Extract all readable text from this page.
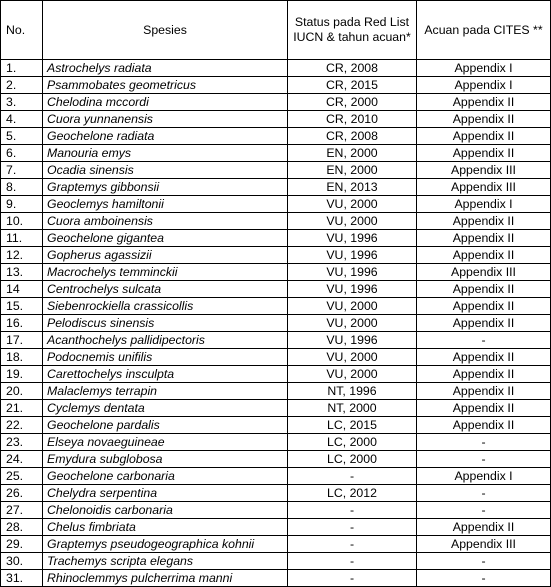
No.	Spesies	Status pada Red List IUCN & tahun acuan*	Acuan pada CITES **
1.	Astrochelys radiata	CR, 2008	Appendix I
2.	Psammobates geometricus	CR, 2015	Appendix I
3.	Chelodina mccordi	CR, 2000	Appendix II
4.	Cuora yunnanensis	CR, 2010	Appendix II
5.	Geochelone radiata	CR, 2008	Appendix II
6.	Manouria emys	EN, 2000	Appendix II
7.	Ocadia sinensis	EN, 2000	Appendix III
8.	Graptemys gibbonsii	EN, 2013	Appendix III
9.	Geoclemys hamiltonii	VU, 2000	Appendix I
10.	Cuora amboinensis	VU, 2000	Appendix II
11.	Geochelone gigantea	VU, 1996	Appendix II
12.	Gopherus agassizii	VU, 1996	Appendix II
13.	Macrochelys temminckii	VU, 1996	Appendix III
14	Centrochelys sulcata	VU, 1996	Appendix II
15.	Siebenrockiella crassicollis	VU, 2000	Appendix II
16.	Pelodiscus sinensis	VU, 2000	Appendix II
17.	Acanthochelys pallidipectoris	VU, 1996	-
18.	Podocnemis unifilis	VU, 2000	Appendix II
19.	Carettochelys insculpta	VU, 2000	Appendix II
20.	Malaclemys terrapin	NT, 1996	Appendix II
21.	Cyclemys dentata	NT, 2000	Appendix II
22.	Geochelone pardalis	LC, 2015	Appendix II
23.	Elseya novaeguineae	LC, 2000	-
24.	Emydura subglobosa	LC, 2000	-
25.	Geochelone carbonaria	-	Appendix I
26.	Chelydra serpentina	LC, 2012	-
27.	Chelonoidis carbonaria	-	-
28.	Chelus fimbriata	-	Appendix II
29.	Graptemys pseudogeographica kohnii	-	Appendix III
30.	Trachemys scripta elegans	-	-
31.	Rhinoclemmys pulcherrima manni	-	-
